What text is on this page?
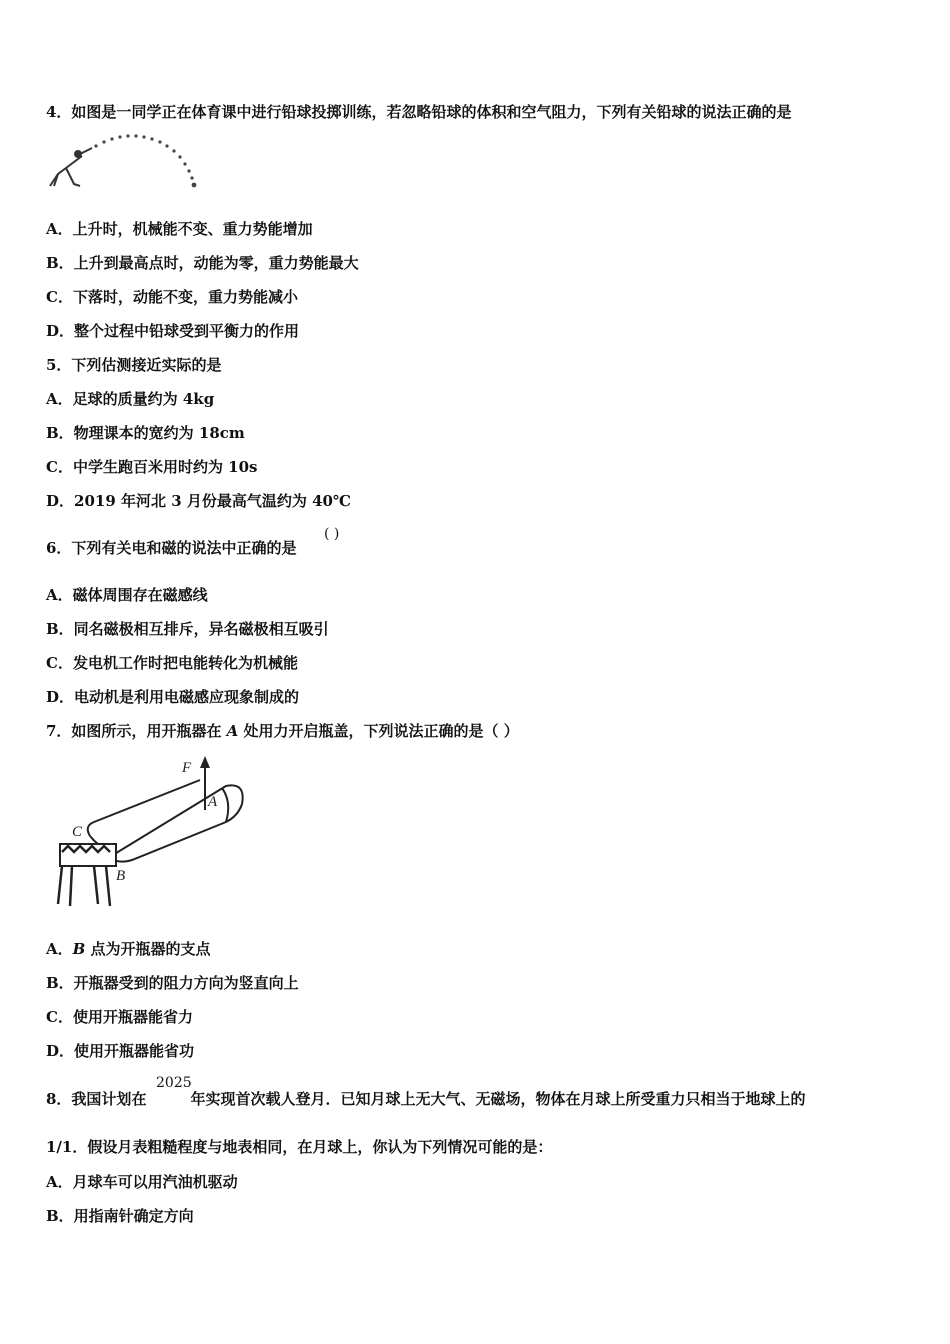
4．如图是一同学正在体育课中进行铅球投掷训练，若忽略铅球的体积和空气阻力，下列有关铅球的说法正确的是
A．上升时，机械能不变、重力势能增加
B．上升到最高点时，动能为零，重力势能最大
C．下落时，动能不变，重力势能减小
D．整个过程中铅球受到平衡力的作用
5．下列估测接近实际的是
A．足球的质量约为 4kg
B．物理课本的宽约为 18cm
C．中学生跑百米用时约为 10s
D．2019 年河北 3 月份最高气温约为 40℃
6．下列有关电和磁的说法中正确的是
( )
A．磁体周围存在磁感线
B．同名磁极相互排斥，异名磁极相互吸引
C．发电机工作时把电能转化为机械能
D．电动机是利用电磁感应现象制成的
7．如图所示，用开瓶器在 A 处用力开启瓶盖，下列说法正确的是（ ）
F
A
C
B
A．B 点为开瓶器的支点
B．开瓶器受到的阻力方向为竖直向上
C．使用开瓶器能省力
D．使用开瓶器能省功
8．我国计划在	年实现首次载人登月．已知月球上无大气、无磁场，物体在月球上所受重力只相当于地球上的
2025
1/1．假设月表粗糙程度与地表相同，在月球上，你认为下列情况可能的是：
A．月球车可以用汽油机驱动
B．用指南针确定方向
